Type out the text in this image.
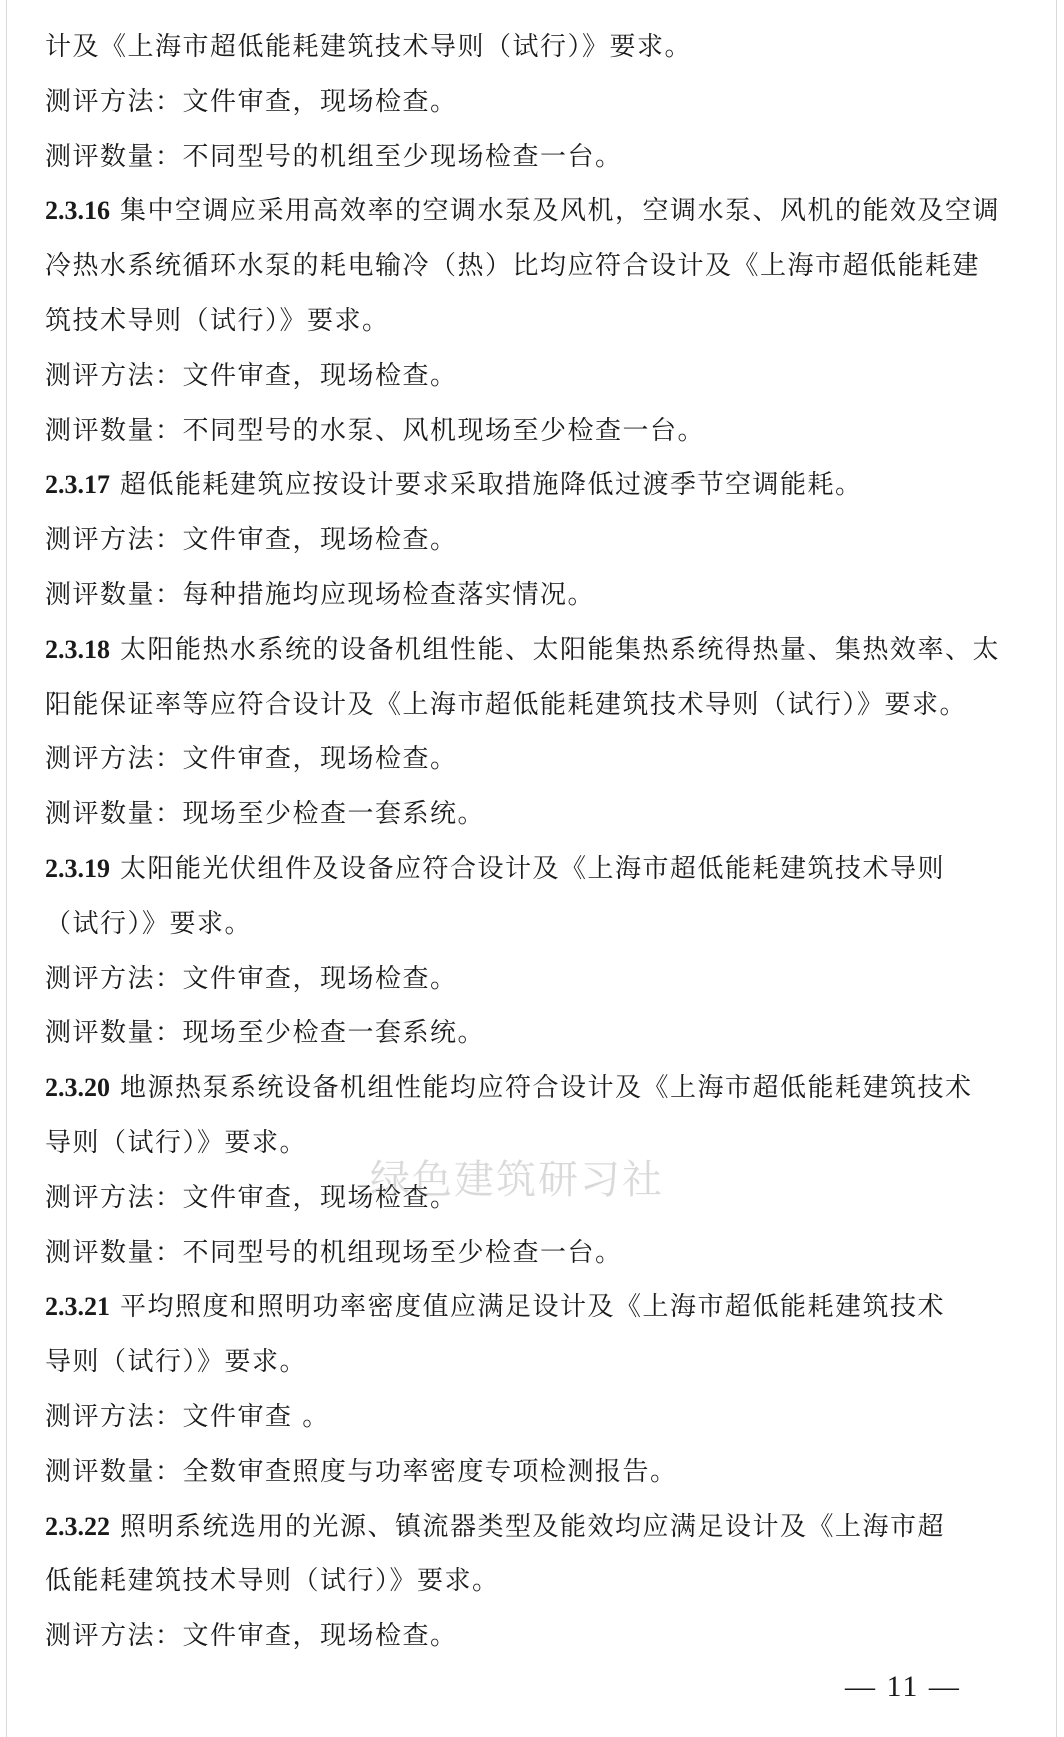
计及《上海市超低能耗建筑技术导则（试行）》要求。
测评方法：文件审查，现场检查。
测评数量：不同型号的机组至少现场检查一台。
2.3.16 集中空调应采用高效率的空调水泵及风机，空调水泵、风机的能效及空调
冷热水系统循环水泵的耗电输冷（热）比均应符合设计及《上海市超低能耗建
筑技术导则（试行）》要求。
测评方法：文件审查，现场检查。
测评数量：不同型号的水泵、风机现场至少检查一台。
2.3.17 超低能耗建筑应按设计要求采取措施降低过渡季节空调能耗。
测评方法：文件审查，现场检查。
测评数量：每种措施均应现场检查落实情况。
2.3.18 太阳能热水系统的设备机组性能、太阳能集热系统得热量、集热效率、太
阳能保证率等应符合设计及《上海市超低能耗建筑技术导则（试行）》要求。
测评方法：文件审查，现场检查。
测评数量：现场至少检查一套系统。
2.3.19 太阳能光伏组件及设备应符合设计及《上海市超低能耗建筑技术导则
（试行）》要求。
测评方法：文件审查，现场检查。
测评数量：现场至少检查一套系统。
2.3.20 地源热泵系统设备机组性能均应符合设计及《上海市超低能耗建筑技术
导则（试行）》要求。
测评方法：文件审查，现场检查。
测评数量：不同型号的机组现场至少检查一台。
2.3.21 平均照度和照明功率密度值应满足设计及《上海市超低能耗建筑技术
导则（试行）》要求。
测评方法：文件审查 。
测评数量：全数审查照度与功率密度专项检测报告。
2.3.22 照明系统选用的光源、镇流器类型及能效均应满足设计及《上海市超
低能耗建筑技术导则（试行）》要求。
测评方法：文件审查，现场检查。
绿色建筑研习社
— 11 —
